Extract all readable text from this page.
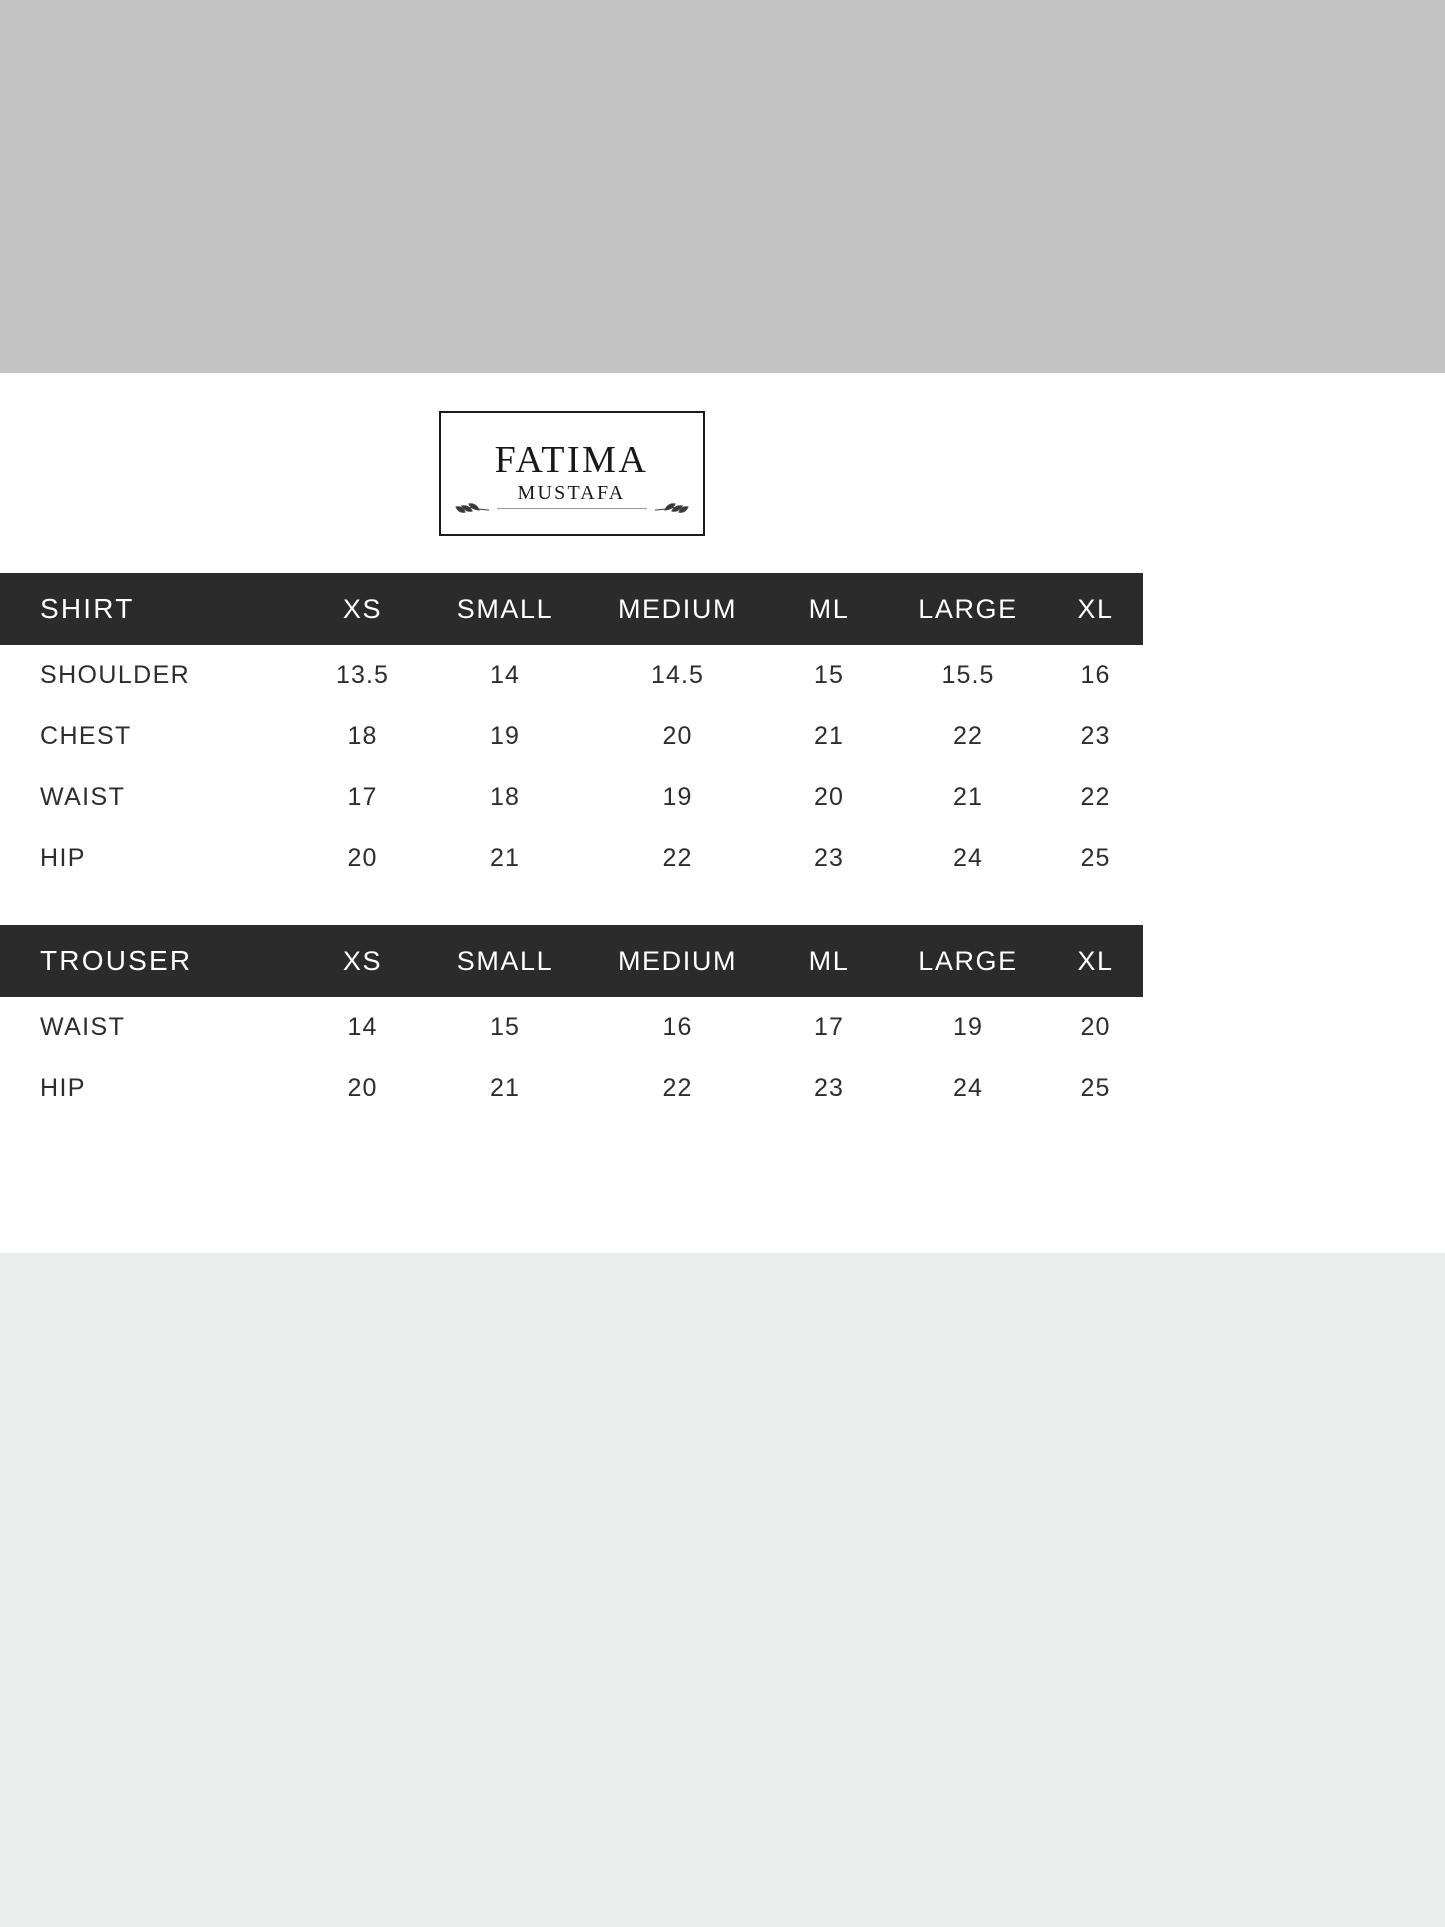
FATIMA
MUSTAFA
SHIRT	XS	SMALL	MEDIUM	ML	LARGE	XL
SHOULDER	13.5	14	14.5	15	15.5	16
CHEST	18	19	20	21	22	23
WAIST	17	18	19	20	21	22
HIP	20	21	22	23	24	25
TROUSER	XS	SMALL	MEDIUM	ML	LARGE	XL
WAIST	14	15	16	17	19	20
HIP	20	21	22	23	24	25
